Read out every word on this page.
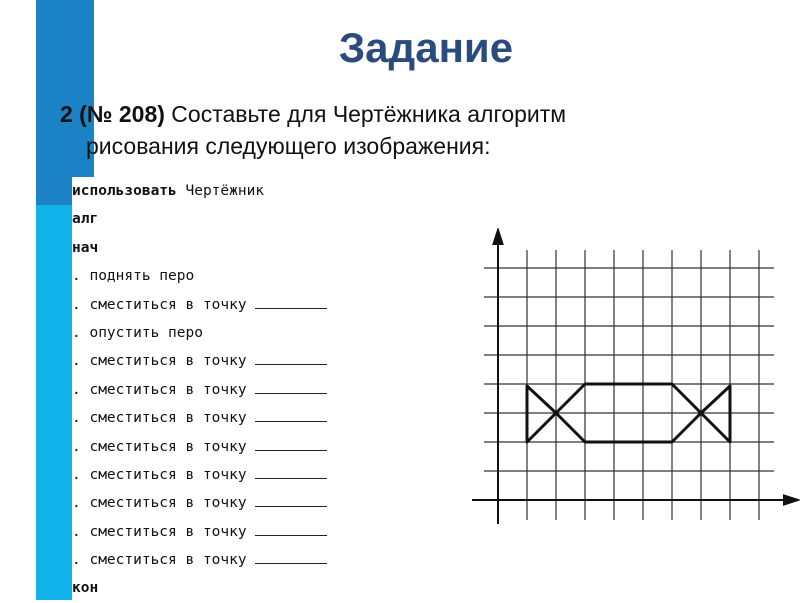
Задание
2 (№ 208) Составьте для Чертёжника алгоритм
рисования следующего изображения:
использовать Чертёжник
алг
нач
. поднять перо
. сместиться в точку
. опустить перо
. сместиться в точку
. сместиться в точку
. сместиться в точку
. сместиться в точку
. сместиться в точку
. сместиться в точку
. сместиться в точку
. сместиться в точку
кон
